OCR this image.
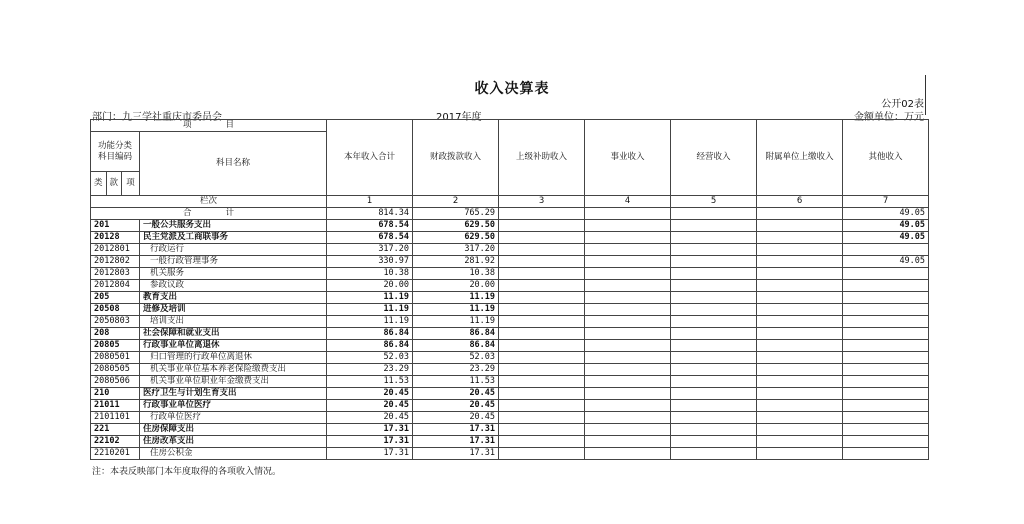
收入决算表
公开02表
部门：九三学社重庆市委员会	2017年度	金额单位：万元
项　　　　目				本年收入合计	财政拨款收入	上级补助收入	事业收入	经营收入	附属单位上缴收入	其他收入
功能分类科目编码			科目名称							

类	款	项								
栏次				1	2	3	4	5	6	7
合　　　　计				814.34	765.29					49.05
201			一般公共服务支出	678.54	629.50					49.05
20128			民主党派及工商联事务	678.54	629.50					49.05
2012801			行政运行	317.20	317.20					
2012802			一般行政管理事务	330.97	281.92					49.05
2012803			机关服务	10.38	10.38					
2012804			参政议政	20.00	20.00					
205			教育支出	11.19	11.19					
20508			进修及培训	11.19	11.19					
2050803			培训支出	11.19	11.19					
208			社会保障和就业支出	86.84	86.84					
20805			行政事业单位离退休	86.84	86.84					
2080501			归口管理的行政单位离退休	52.03	52.03					
2080505			机关事业单位基本养老保险缴费支出	23.29	23.29					
2080506			机关事业单位职业年金缴费支出	11.53	11.53					
210			医疗卫生与计划生育支出	20.45	20.45					
21011			行政事业单位医疗	20.45	20.45					
2101101			行政单位医疗	20.45	20.45					
221			住房保障支出	17.31	17.31					
22102			住房改革支出	17.31	17.31					
2210201			住房公积金	17.31	17.31					
注：本表反映部门本年度取得的各项收入情况。
